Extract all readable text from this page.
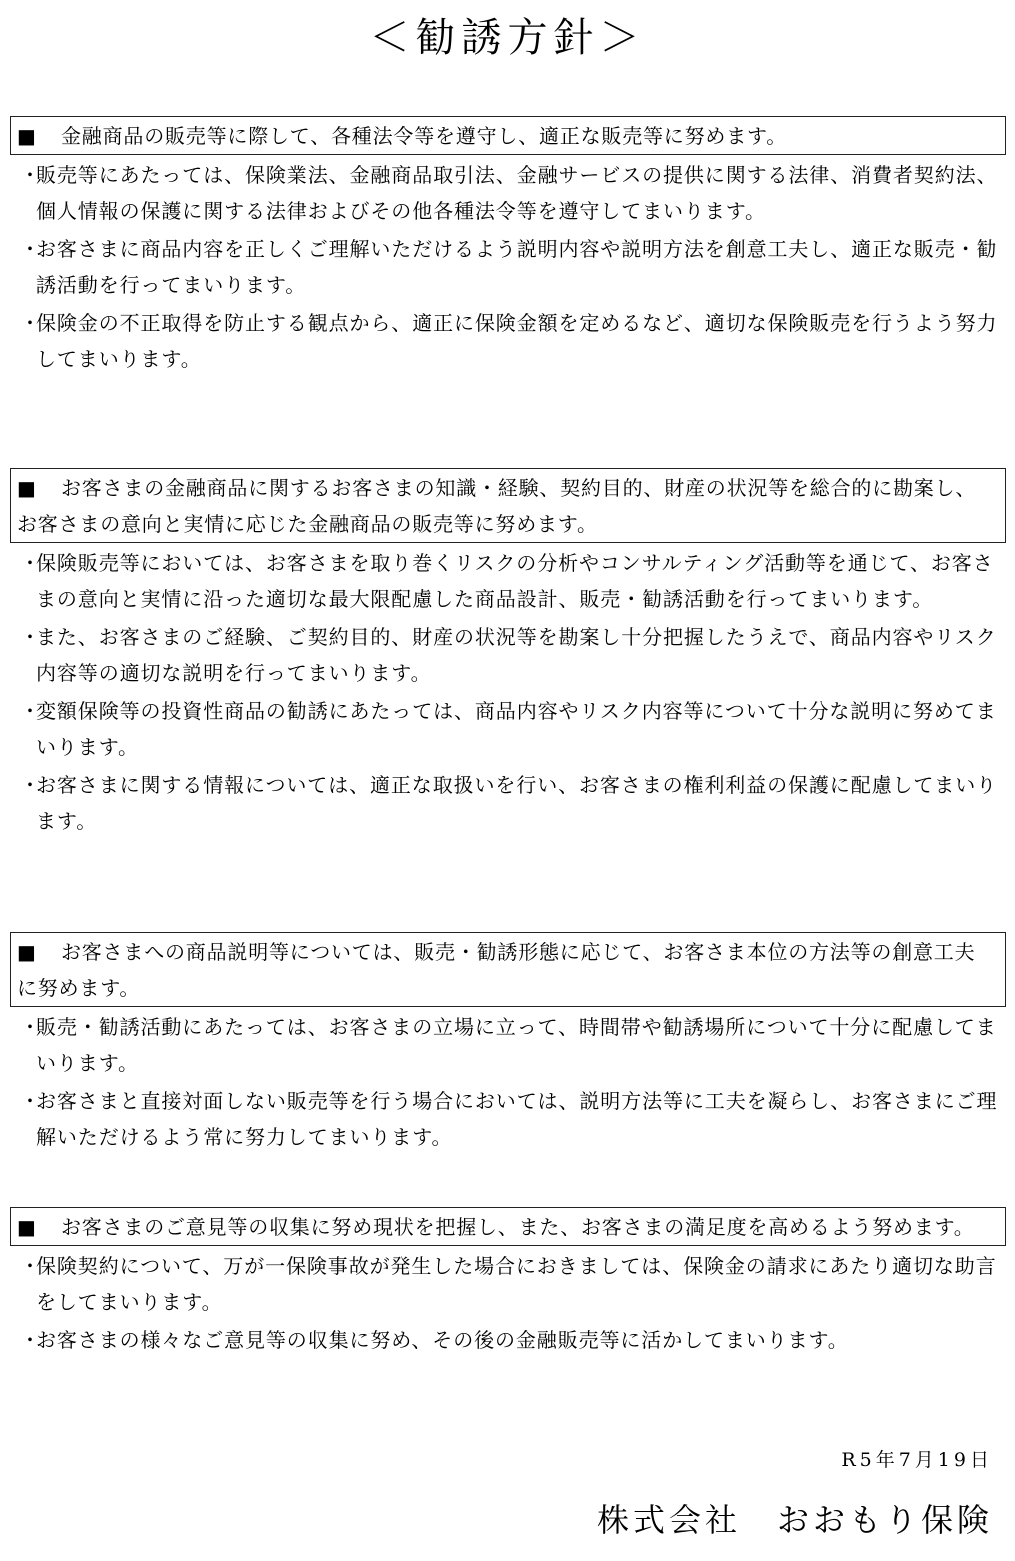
＜勧誘方針＞
■ 金融商品の販売等に際して、各種法令等を遵守し、適正な販売等に努めます。
・販売等にあたっては、保険業法、金融商品取引法、金融サービスの提供に関する法律、消費者契約法、個人情報の保護に関する法律およびその他各種法令等を遵守してまいります。
・お客さまに商品内容を正しくご理解いただけるよう説明内容や説明方法を創意工夫し、適正な販売・勧誘活動を行ってまいります。
・保険金の不正取得を防止する観点から、適正に保険金額を定めるなど、適切な保険販売を行うよう努力してまいります。
■ お客さまの金融商品に関するお客さまの知識・経験、契約目的、財産の状況等を総合的に勘案し、お客さまの意向と実情に応じた金融商品の販売等に努めます。
・保険販売等においては、お客さまを取り巻くリスクの分析やコンサルティング活動等を通じて、お客さまの意向と実情に沿った適切な最大限配慮した商品設計、販売・勧誘活動を行ってまいります。
・また、お客さまのご経験、ご契約目的、財産の状況等を勘案し十分把握したうえで、商品内容やリスク内容等の適切な説明を行ってまいります。
・変額保険等の投資性商品の勧誘にあたっては、商品内容やリスク内容等について十分な説明に努めてまいります。
・お客さまに関する情報については、適正な取扱いを行い、お客さまの権利利益の保護に配慮してまいります。
■ お客さまへの商品説明等については、販売・勧誘形態に応じて、お客さま本位の方法等の創意工夫に努めます。
・販売・勧誘活動にあたっては、お客さまの立場に立って、時間帯や勧誘場所について十分に配慮してまいります。
・お客さまと直接対面しない販売等を行う場合においては、説明方法等に工夫を凝らし、お客さまにご理解いただけるよう常に努力してまいります。
■ お客さまのご意見等の収集に努め現状を把握し、また、お客さまの満足度を高めるよう努めます。
・保険契約について、万が一保険事故が発生した場合におきましては、保険金の請求にあたり適切な助言をしてまいります。
・お客さまの様々なご意見等の収集に努め、その後の金融販売等に活かしてまいります。
R5年7月19日
株式会社　おおもり保険
